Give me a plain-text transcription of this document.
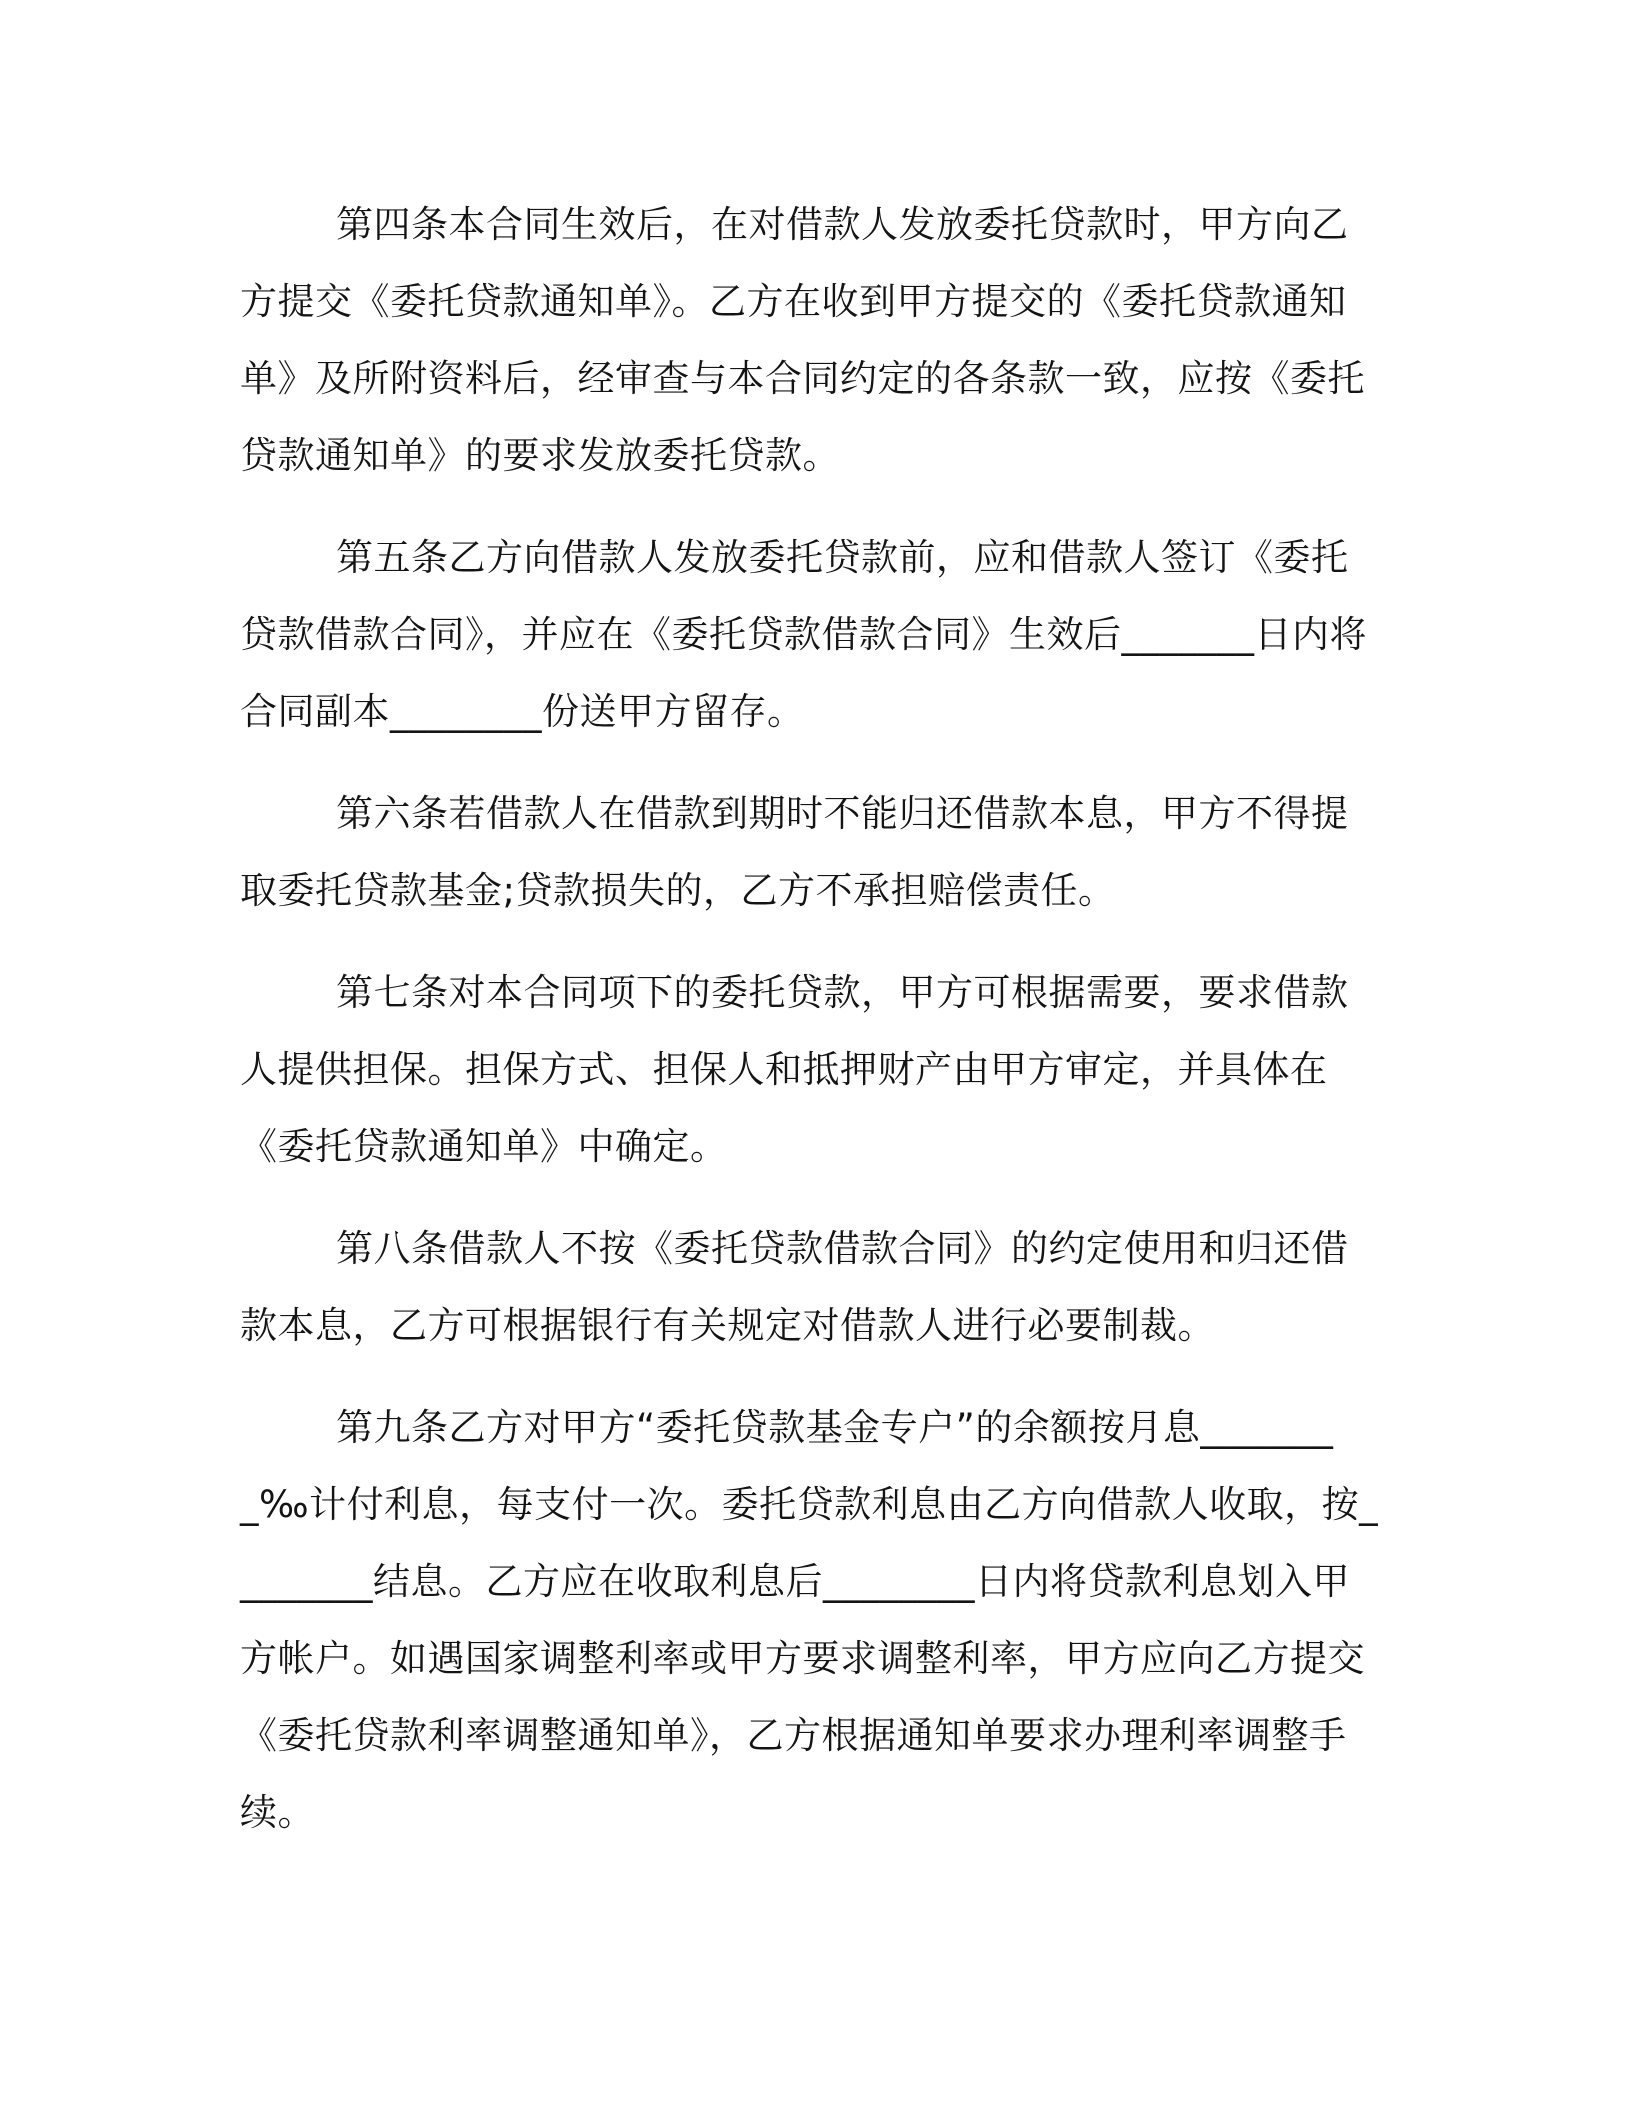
第四条本合同生效后，在对借款人发放委托贷款时，甲方向乙方提交《委托贷款通知单》。乙方在收到甲方提交的《委托贷款通知单》及所附资料后，经审查与本合同约定的各条款一致，应按《委托贷款通知单》的要求发放委托贷款。

第五条乙方向借款人发放委托贷款前，应和借款人签订《委托贷款借款合同》，并应在《委托贷款借款合同》生效后_______日内将合同副本________份送甲方留存。

第六条若借款人在借款到期时不能归还借款本息，甲方不得提取委托贷款基金;贷款损失的，乙方不承担赔偿责任。

第七条对本合同项下的委托贷款，甲方可根据需要，要求借款人提供担保。担保方式、担保人和抵押财产由甲方审定，并具体在《委托贷款通知单》中确定。

第八条借款人不按《委托贷款借款合同》的约定使用和归还借款本息，乙方可根据银行有关规定对借款人进行必要制裁。

第九条乙方对甲方“委托贷款基金专户”的余额按月息________‰计付利息，每支付一次。委托贷款利息由乙方向借款人收取，按________结息。乙方应在收取利息后________日内将贷款利息划入甲方帐户。如遇国家调整利率或甲方要求调整利率，甲方应向乙方提交《委托贷款利率调整通知单》，乙方根据通知单要求办理利率调整手续。
